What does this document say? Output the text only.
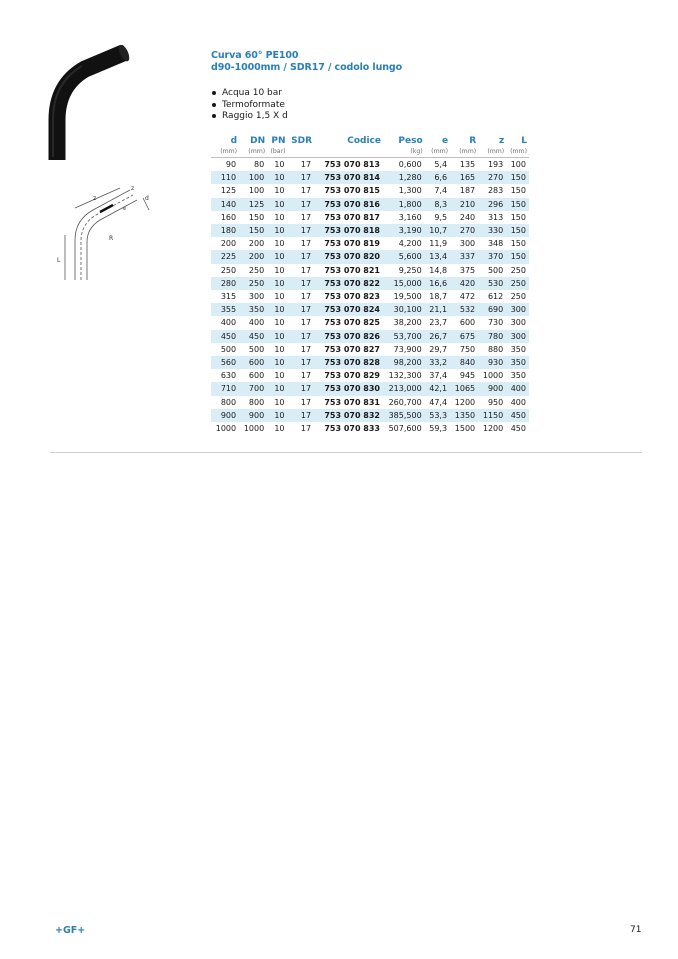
L
z
R
d
e
z
Curva 60° PE100
d90-1000mm / SDR17 / codolo lungo
Acqua 10 bar
Termoformate
Raggio 1,5 X d
d	DN	PN	SDR	Codice	Peso	e	R	z	L
(mm)	(mm)	(bar)			(kg)	(mm)	(mm)	(mm)	(mm)
90	80	10	17	753 070 813	0,600	5,4	135	193	100
110	100	10	17	753 070 814	1,280	6,6	165	270	150
125	100	10	17	753 070 815	1,300	7,4	187	283	150
140	125	10	17	753 070 816	1,800	8,3	210	296	150
160	150	10	17	753 070 817	3,160	9,5	240	313	150
180	150	10	17	753 070 818	3,190	10,7	270	330	150
200	200	10	17	753 070 819	4,200	11,9	300	348	150
225	200	10	17	753 070 820	5,600	13,4	337	370	150
250	250	10	17	753 070 821	9,250	14,8	375	500	250
280	250	10	17	753 070 822	15,000	16,6	420	530	250
315	300	10	17	753 070 823	19,500	18,7	472	612	250
355	350	10	17	753 070 824	30,100	21,1	532	690	300
400	400	10	17	753 070 825	38,200	23,7	600	730	300
450	450	10	17	753 070 826	53,700	26,7	675	780	300
500	500	10	17	753 070 827	73,900	29,7	750	880	350
560	600	10	17	753 070 828	98,200	33,2	840	930	350
630	600	10	17	753 070 829	132,300	37,4	945	1000	350
710	700	10	17	753 070 830	213,000	42,1	1065	900	400
800	800	10	17	753 070 831	260,700	47,4	1200	950	400
900	900	10	17	753 070 832	385,500	53,3	1350	1150	450
1000	1000	10	17	753 070 833	507,600	59,3	1500	1200	450
+GF+	71
